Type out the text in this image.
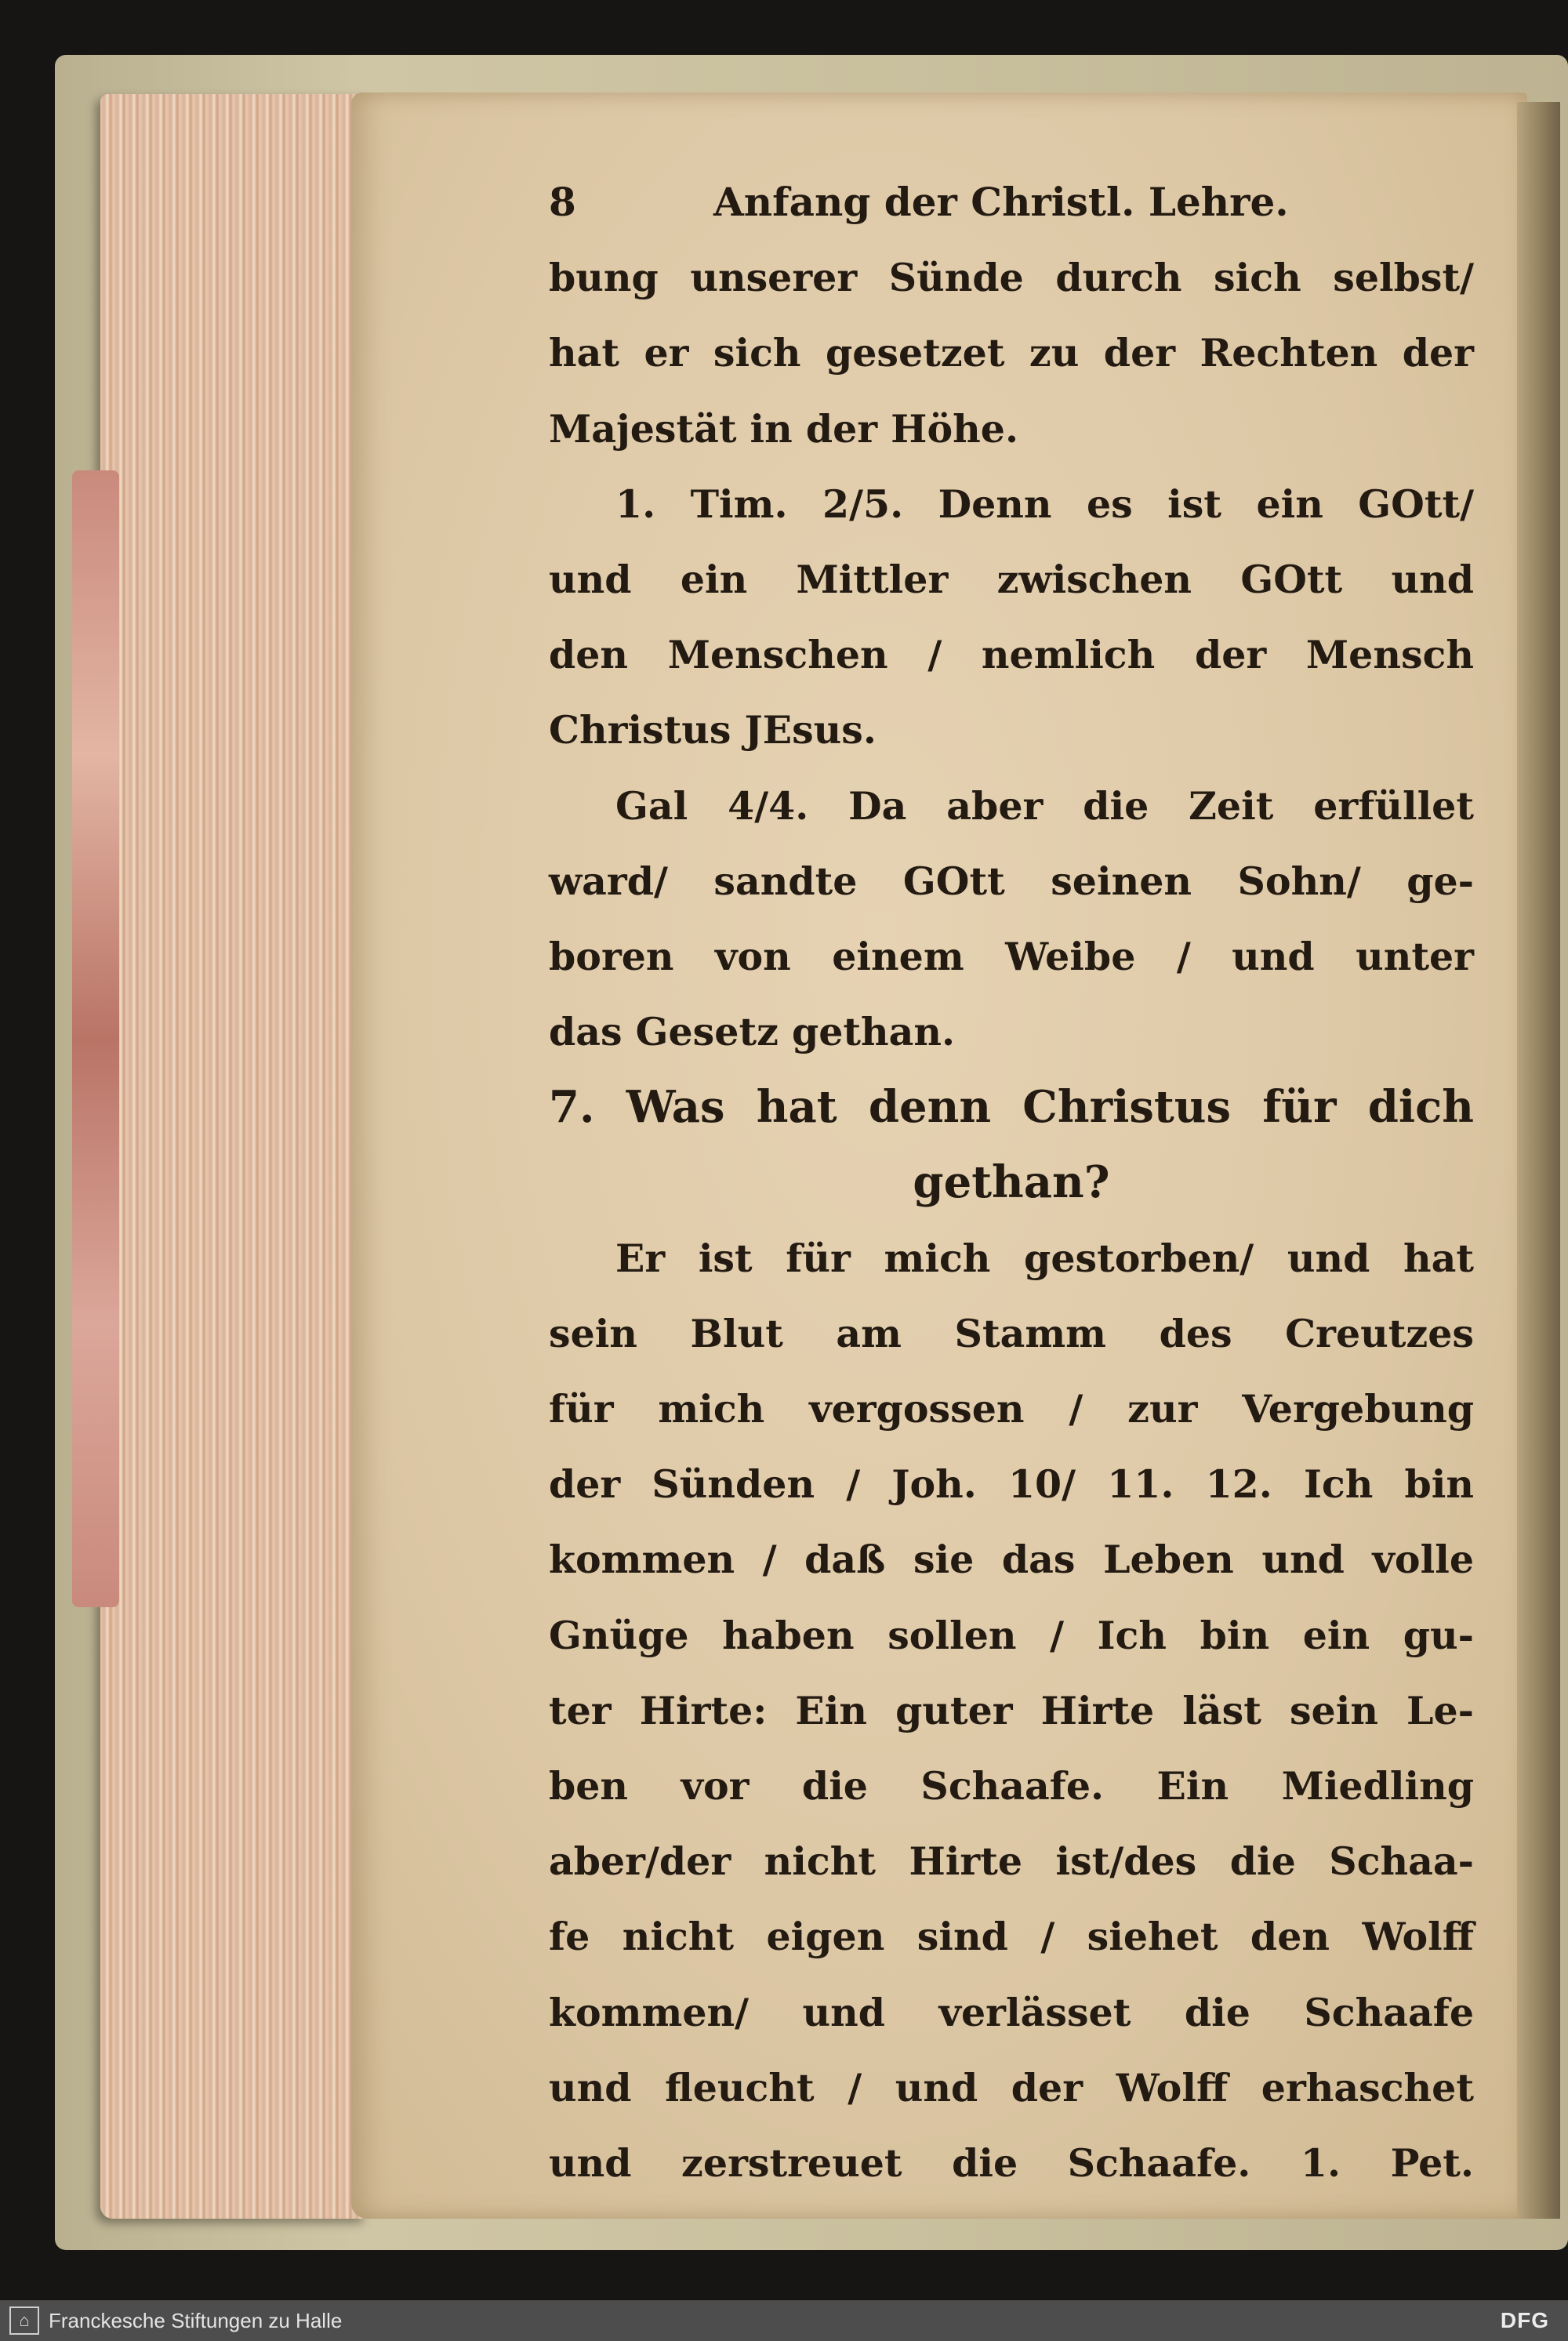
8	Anfang der Christl. Lehre.
bung unserer Sünde durch sich selbst/
hat er sich gesetzet zu der Rechten der
Majestät in der Höhe.
1. Tim. 2/5. Denn es ist ein GOtt/
und ein Mittler zwischen GOtt und
den Menschen / nemlich der Mensch
Christus JEsus.
Gal 4/4. Da aber die Zeit erfüllet
ward/ sandte GOtt seinen Sohn/ ge-
boren von einem Weibe / und unter
das Gesetz gethan.
7. Was hat denn Christus für dich
gethan?
Er ist für mich gestorben/ und hat
sein Blut am Stamm des Creutzes
für mich vergossen / zur Vergebung
der Sünden / Joh. 10/ 11. 12. Ich bin
kommen / daß sie das Leben und volle
Gnüge haben sollen / Ich bin ein gu-
ter Hirte: Ein guter Hirte läst sein Le-
ben vor die Schaafe. Ein Miedling
aber/der nicht Hirte ist/des die Schaa-
fe nicht eigen sind / siehet den Wolff
kommen/ und verlässet die Schaafe
und fleucht / und der Wolff erhaschet
und zerstreuet die Schaafe. 1. Pet.
⌂ Franckesche Stiftungen zu Halle	DFG
